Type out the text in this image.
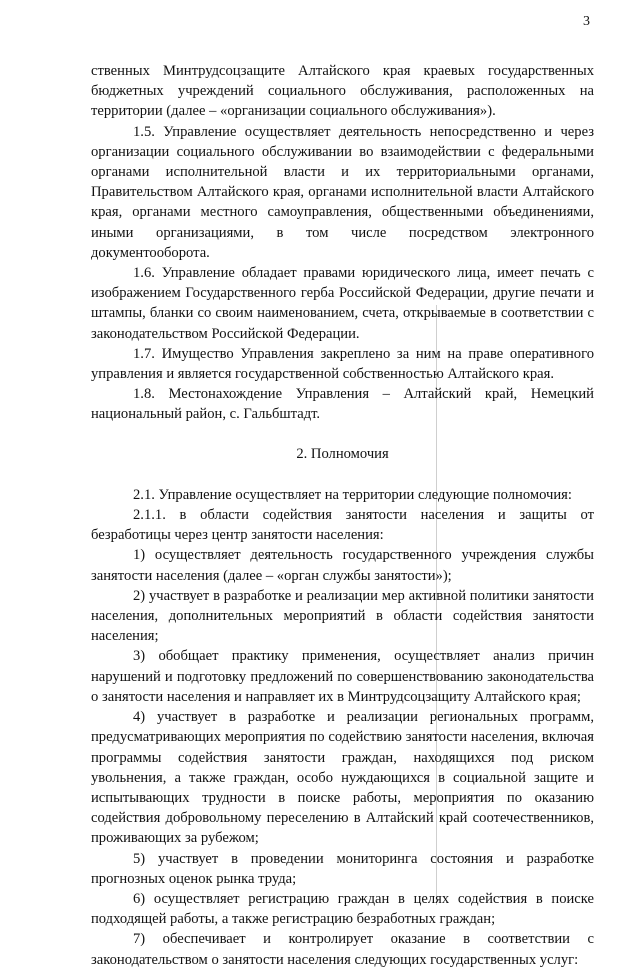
3

ственных Минтрудсоцзащите Алтайского края краевых государственных бюджетных учреждений социального обслуживания, расположенных на территории (далее – «организации социального обслуживания»).

1.5. Управление осуществляет деятельность непосредственно и через организации социального обслуживании во взаимодействии с федеральными органами исполнительной власти и их территориальными органами, Правительством Алтайского края, органами исполнительной власти Алтайского края, органами местного самоуправления, общественными объединениями, иными организациями, в том числе посредством электронного документооборота.

1.6. Управление обладает правами юридического лица, имеет печать с изображением Государственного герба Российской Федерации, другие печати и штампы, бланки со своим наименованием, счета, открываемые в соответствии с законодательством Российской Федерации.

1.7. Имущество Управления закреплено за ним на праве оперативного управления и является государственной собственностью Алтайского края.

1.8. Местонахождение Управления – Алтайский край, Немецкий национальный район, с. Гальбштадт.

2. Полномочия

2.1. Управление осуществляет на территории следующие полномочия:

2.1.1. в области содействия занятости населения и защиты от безработицы через центр занятости населения:

1) осуществляет деятельность государственного учреждения службы занятости населения (далее – «орган службы занятости»);

2) участвует в разработке и реализации мер активной политики занятости населения, дополнительных мероприятий в области содействия занятости населения;

3) обобщает практику применения, осуществляет анализ причин нарушений и подготовку предложений по совершенствованию законодательства о занятости населения и направляет их в Минтрудсоцзащиту Алтайского края;

4) участвует в разработке и реализации региональных программ, предусматривающих мероприятия по содействию занятости населения, включая программы содействия занятости граждан, находящихся под риском увольнения, а также граждан, особо нуждающихся в социальной защите и испытывающих трудности в поиске работы, мероприятия по оказанию содействия добровольному переселению в Алтайский край соотечественников, проживающих за рубежом;

5) участвует в проведении мониторинга состояния и разработке прогнозных оценок рынка труда;

6) осуществляет регистрацию граждан в целях содействия в поиске подходящей работы, а также регистрацию безработных граждан;

7) обеспечивает и контролирует оказание в соответствии с законодательством о занятости населения следующих государственных услуг:
